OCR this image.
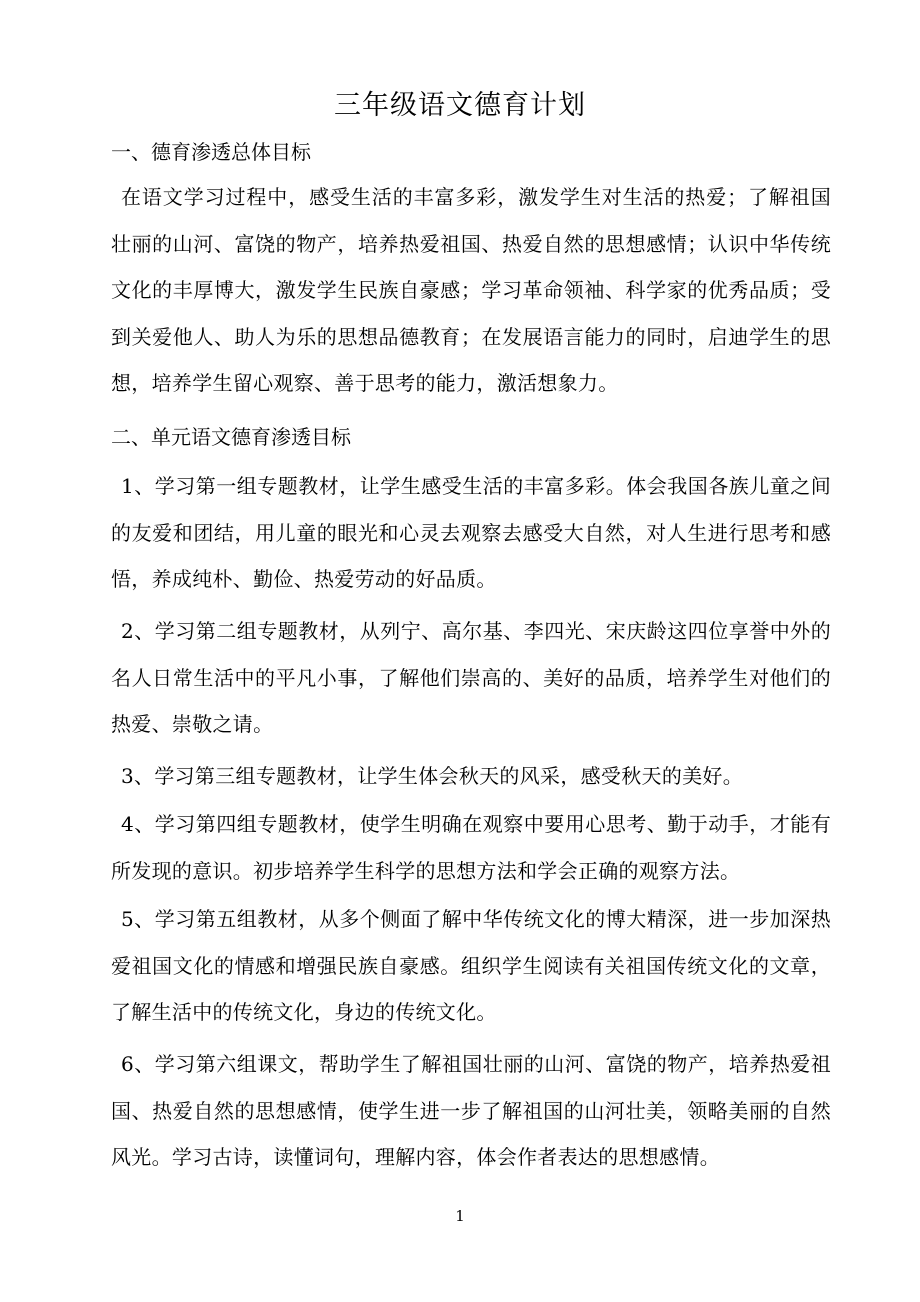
三年级语文德育计划
一、德育渗透总体目标

在语文学习过程中，感受生活的丰富多彩，激发学生对生活的热爱；了解祖国壮丽的山河、富饶的物产，培养热爱祖国、热爱自然的思想感情；认识中华传统文化的丰厚博大，激发学生民族自豪感；学习革命领袖、科学家的优秀品质；受到关爱他人、助人为乐的思想品德教育；在发展语言能力的同时，启迪学生的思想，培养学生留心观察、善于思考的能力，激活想象力。

二、单元语文德育渗透目标

1、学习第一组专题教材，让学生感受生活的丰富多彩。体会我国各族儿童之间的友爱和团结，用儿童的眼光和心灵去观察去感受大自然，对人生进行思考和感悟，养成纯朴、勤俭、热爱劳动的好品质。

2、学习第二组专题教材，从列宁、高尔基、李四光、宋庆龄这四位享誉中外的名人日常生活中的平凡小事，了解他们崇高的、美好的品质，培养学生对他们的热爱、崇敬之请。

3、学习第三组专题教材，让学生体会秋天的风采，感受秋天的美好。

4、学习第四组专题教材，使学生明确在观察中要用心思考、勤于动手，才能有所发现的意识。初步培养学生科学的思想方法和学会正确的观察方法。

5、学习第五组教材，从多个侧面了解中华传统文化的博大精深，进一步加深热爱祖国文化的情感和增强民族自豪感。组织学生阅读有关祖国传统文化的文章，了解生活中的传统文化，身边的传统文化。

6、学习第六组课文，帮助学生了解祖国壮丽的山河、富饶的物产，培养热爱祖国、热爱自然的思想感情，使学生进一步了解祖国的山河壮美，领略美丽的自然风光。学习古诗，读懂词句，理解内容，体会作者表达的思想感情。

1
